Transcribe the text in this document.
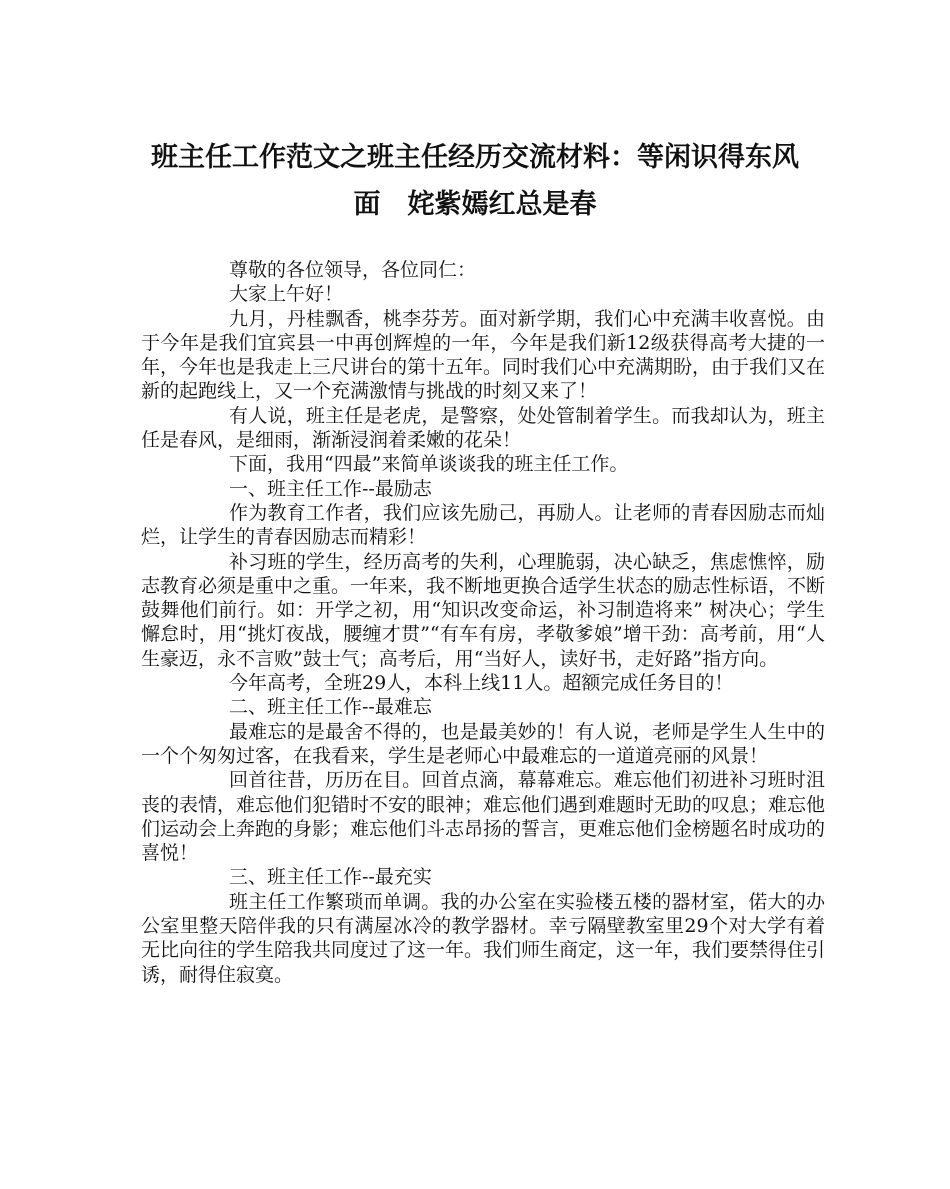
班主任工作范文之班主任经历交流材料：等闲识得东风
面　姹紫嫣红总是春

尊敬的各位领导，各位同仁：

大家上午好！

九月，丹桂飘香，桃李芬芳。面对新学期，我们心中充满丰收喜悦。由于今年是我们宜宾县一中再创辉煌的一年，今年是我们新12级获得高考大捷的一年，今年也是我走上三尺讲台的第十五年。同时我们心中充满期盼，由于我们又在新的起跑线上，又一个充满激情与挑战的时刻又来了！

有人说，班主任是老虎，是警察，处处管制着学生。而我却认为，班主任是春风，是细雨，渐渐浸润着柔嫩的花朵！

下面，我用“四最”来简单谈谈我的班主任工作。

一、班主任工作--最励志

作为教育工作者，我们应该先励己，再励人。让老师的青春因励志而灿烂，让学生的青春因励志而精彩！

补习班的学生，经历高考的失利，心理脆弱，决心缺乏，焦虑憔悴，励志教育必须是重中之重。一年来，我不断地更换合适学生状态的励志性标语，不断鼓舞他们前行。如：开学之初，用“知识改变命运，补习制造将来” 树决心；学生懈怠时，用“挑灯夜战，腰缠才贯”“有车有房，孝敬爹娘”增干劲：高考前，用“人生豪迈，永不言败”鼓士气；高考后，用“当好人，读好书，走好路”指方向。

今年高考，全班29人，本科上线11人。超额完成任务目的！

二、班主任工作--最难忘

最难忘的是最舍不得的，也是最美妙的！有人说，老师是学生人生中的一个个匆匆过客，在我看来，学生是老师心中最难忘的一道道亮丽的风景！

回首往昔，历历在目。回首点滴，幕幕难忘。难忘他们初进补习班时沮丧的表情，难忘他们犯错时不安的眼神；难忘他们遇到难题时无助的叹息；难忘他们运动会上奔跑的身影；难忘他们斗志昂扬的誓言，更难忘他们金榜题名时成功的喜悦！

三、班主任工作--最充实

班主任工作繁琐而单调。我的办公室在实验楼五楼的器材室，偌大的办公室里整天陪伴我的只有满屋冰冷的教学器材。幸亏隔壁教室里29个对大学有着无比向往的学生陪我共同度过了这一年。我们师生商定，这一年，我们要禁得住引诱，耐得住寂寞。
